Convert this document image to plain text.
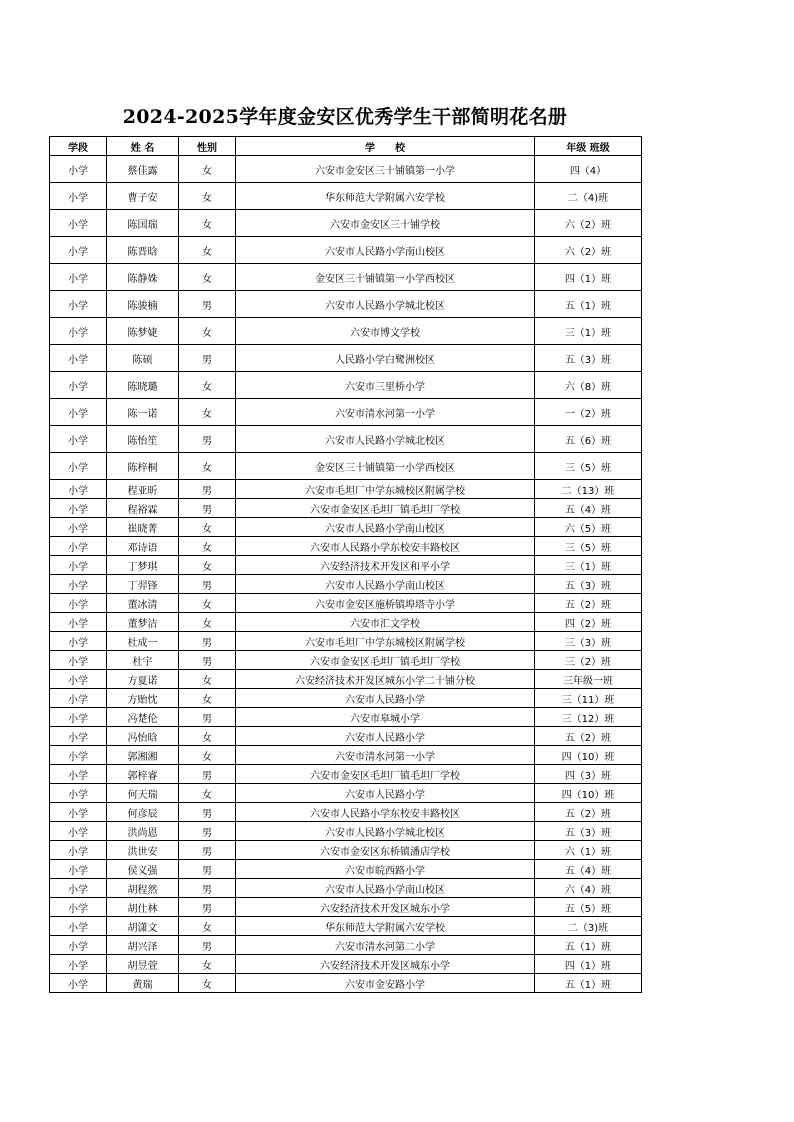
2024-2025学年度金安区优秀学生干部简明花名册
学段	姓 名	性别	学　　校	年级 班级
小学	蔡佳露	女	六安市金安区三十铺镇第一小学	四（4）
小学	曹子安	女	华东师范大学附属六安学校	二（4)班
小学	陈国瑞	女	六安市金安区三十铺学校	六（2）班
小学	陈晋晗	女	六安市人民路小学南山校区	六（2）班
小学	陈静姝	女	金安区三十铺镇第一小学西校区	四（1）班
小学	陈骏楠	男	六安市人民路小学城北校区	五（1）班
小学	陈梦婕	女	六安市博文学校	三（1）班
小学	陈硕	男	人民路小学白鹭洲校区	五（3）班
小学	陈晓璐	女	六安市三里桥小学	六（8）班
小学	陈一诺	女	六安市清水河第一小学	一（2）班
小学	陈怡笙	男	六安市人民路小学城北校区	五（6）班
小学	陈梓桐	女	金安区三十铺镇第一小学西校区	三（5）班
小学	程亚昕	男	六安市毛坦厂中学东城校区附属学校	二（13）班
小学	程裕霖	男	六安市金安区毛坦厂镇毛坦厂学校	五（4）班
小学	崔晓菁	女	六安市人民路小学南山校区	六（5）班
小学	邓诗语	女	六安市人民路小学东校安丰路校区	三（5）班
小学	丁梦琪	女	六安经济技术开发区和平小学	三（1）班
小学	丁羿锋	男	六安市人民路小学南山校区	五（3）班
小学	董冰清	女	六安市金安区施桥镇埠塔寺小学	五（2）班
小学	董梦洁	女	六安市汇文学校	四（2）班
小学	杜成一	男	六安市毛坦厂中学东城校区附属学校	三（3）班
小学	杜宇	男	六安市金安区毛坦厂镇毛坦厂学校	三（2）班
小学	方夏诺	女	六安经济技术开发区城东小学二十铺分校	三年级一班
小学	方贻忱	女	六安市人民路小学	三（11）班
小学	冯楚伦	男	六安市皋城小学	三（12）班
小学	冯怡晗	女	六安市人民路小学	五（2）班
小学	郭湘湘	女	六安市清水河第一小学	四（10）班
小学	郭梓睿	男	六安市金安区毛坦厂镇毛坦厂学校	四（3）班
小学	何天瑞	女	六安市人民路小学	四（10）班
小学	何彦辰	男	六安市人民路小学东校安丰路校区	五（2）班
小学	洪尚恩	男	六安市人民路小学城北校区	五（3）班
小学	洪世安	男	六安市金安区东桥镇潘店学校	六（1）班
小学	侯义强	男	六安市皖西路小学	五（4）班
小学	胡程然	男	六安市人民路小学南山校区	六（4）班
小学	胡仕林	男	六安经济技术开发区城东小学	五（5）班
小学	胡潇文	女	华东师范大学附属六安学校	二（3)班
小学	胡兴泽	男	六安市清水河第二小学	五（1）班
小学	胡昱萱	女	六安经济技术开发区城东小学	四（1）班
小学	黄瑞	女	六安市金安路小学	五（1）班
